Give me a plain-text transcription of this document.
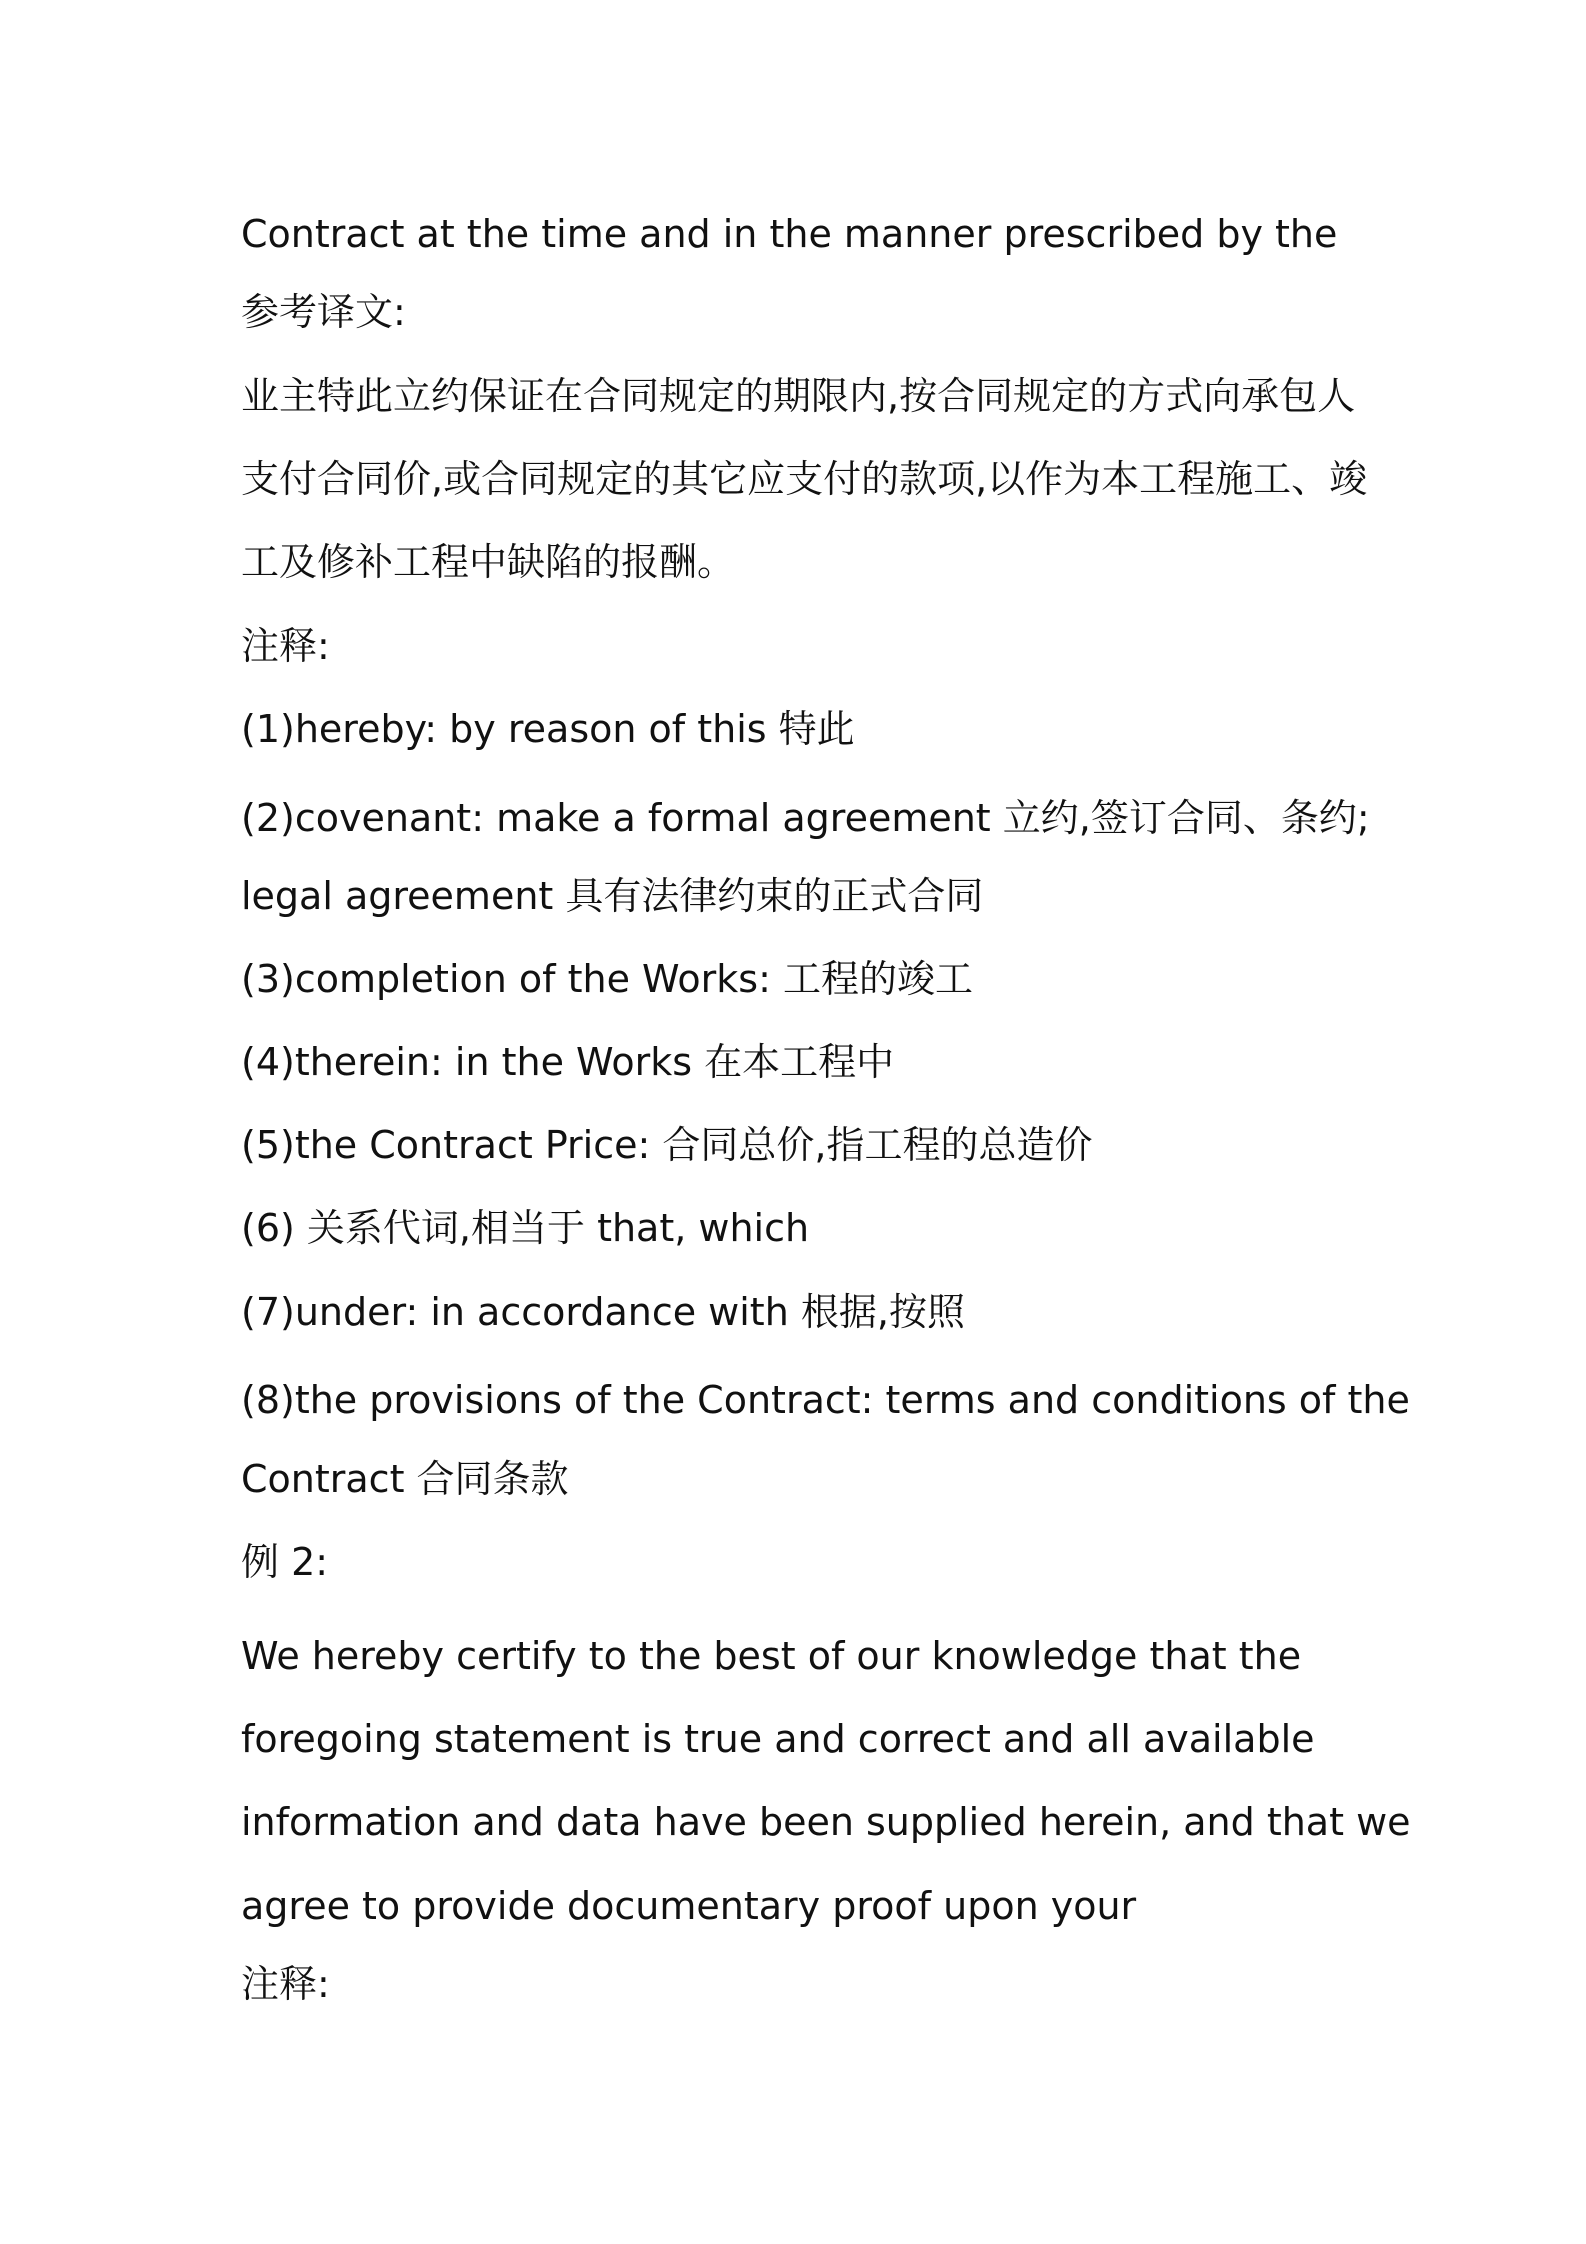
Contract at the time and in the manner prescribed by the

参考译文:

业主特此立约保证在合同规定的期限内,按合同规定的方式向承包人

支付合同价,或合同规定的其它应支付的款项,以作为本工程施工、竣

工及修补工程中缺陷的报酬。

注释:

(1)hereby: by reason of this 特此

(2)covenant: make a formal agreement 立约,签订合同、条约;

legal agreement 具有法律约束的正式合同

(3)completion of the Works: 工程的竣工

(4)therein: in the Works 在本工程中

(5)the Contract Price: 合同总价,指工程的总造价

(6) 关系代词,相当于 that, which

(7)under: in accordance with 根据,按照

(8)the provisions of the Contract: terms and conditions of the

Contract 合同条款

例 2:

We hereby certify to the best of our knowledge that the

foregoing statement is true and correct and all available

information and data have been supplied herein, and that we

agree to provide documentary proof upon your

注释:
